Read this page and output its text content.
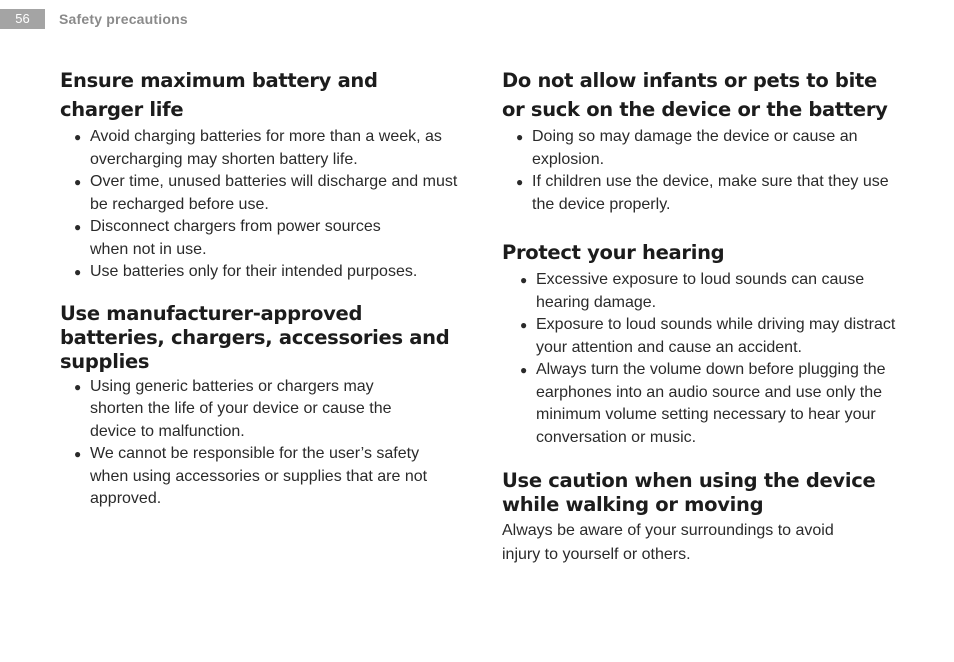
56	Safety precautions
Ensure maximum battery and charger life
● Avoid charging batteries for more than a week, as overcharging may shorten battery life.
● Over time, unused batteries will discharge and must be recharged before use.
● Disconnect chargers from power sources when not in use.
● Use batteries only for their intended purposes.
Use manufacturer-approved batteries, chargers, accessories and supplies
● Using generic batteries or chargers may shorten the life of your device or cause the device to malfunction.
● We cannot be responsible for the user’s safety when using accessories or supplies that are not approved.
Do not allow infants or pets to bite or suck on the device or the battery
● Doing so may damage the device or cause an explosion.
● If children use the device, make sure that they use the device properly.
Protect your hearing
● Excessive exposure to loud sounds can cause hearing damage.
● Exposure to loud sounds while driving may distract your attention and cause an accident.
● Always turn the volume down before plugging the earphones into an audio source and use only the minimum volume setting necessary to hear your conversation or music.
Use caution when using the device while walking or moving

Always be aware of your surroundings to avoid injury to yourself or others.
